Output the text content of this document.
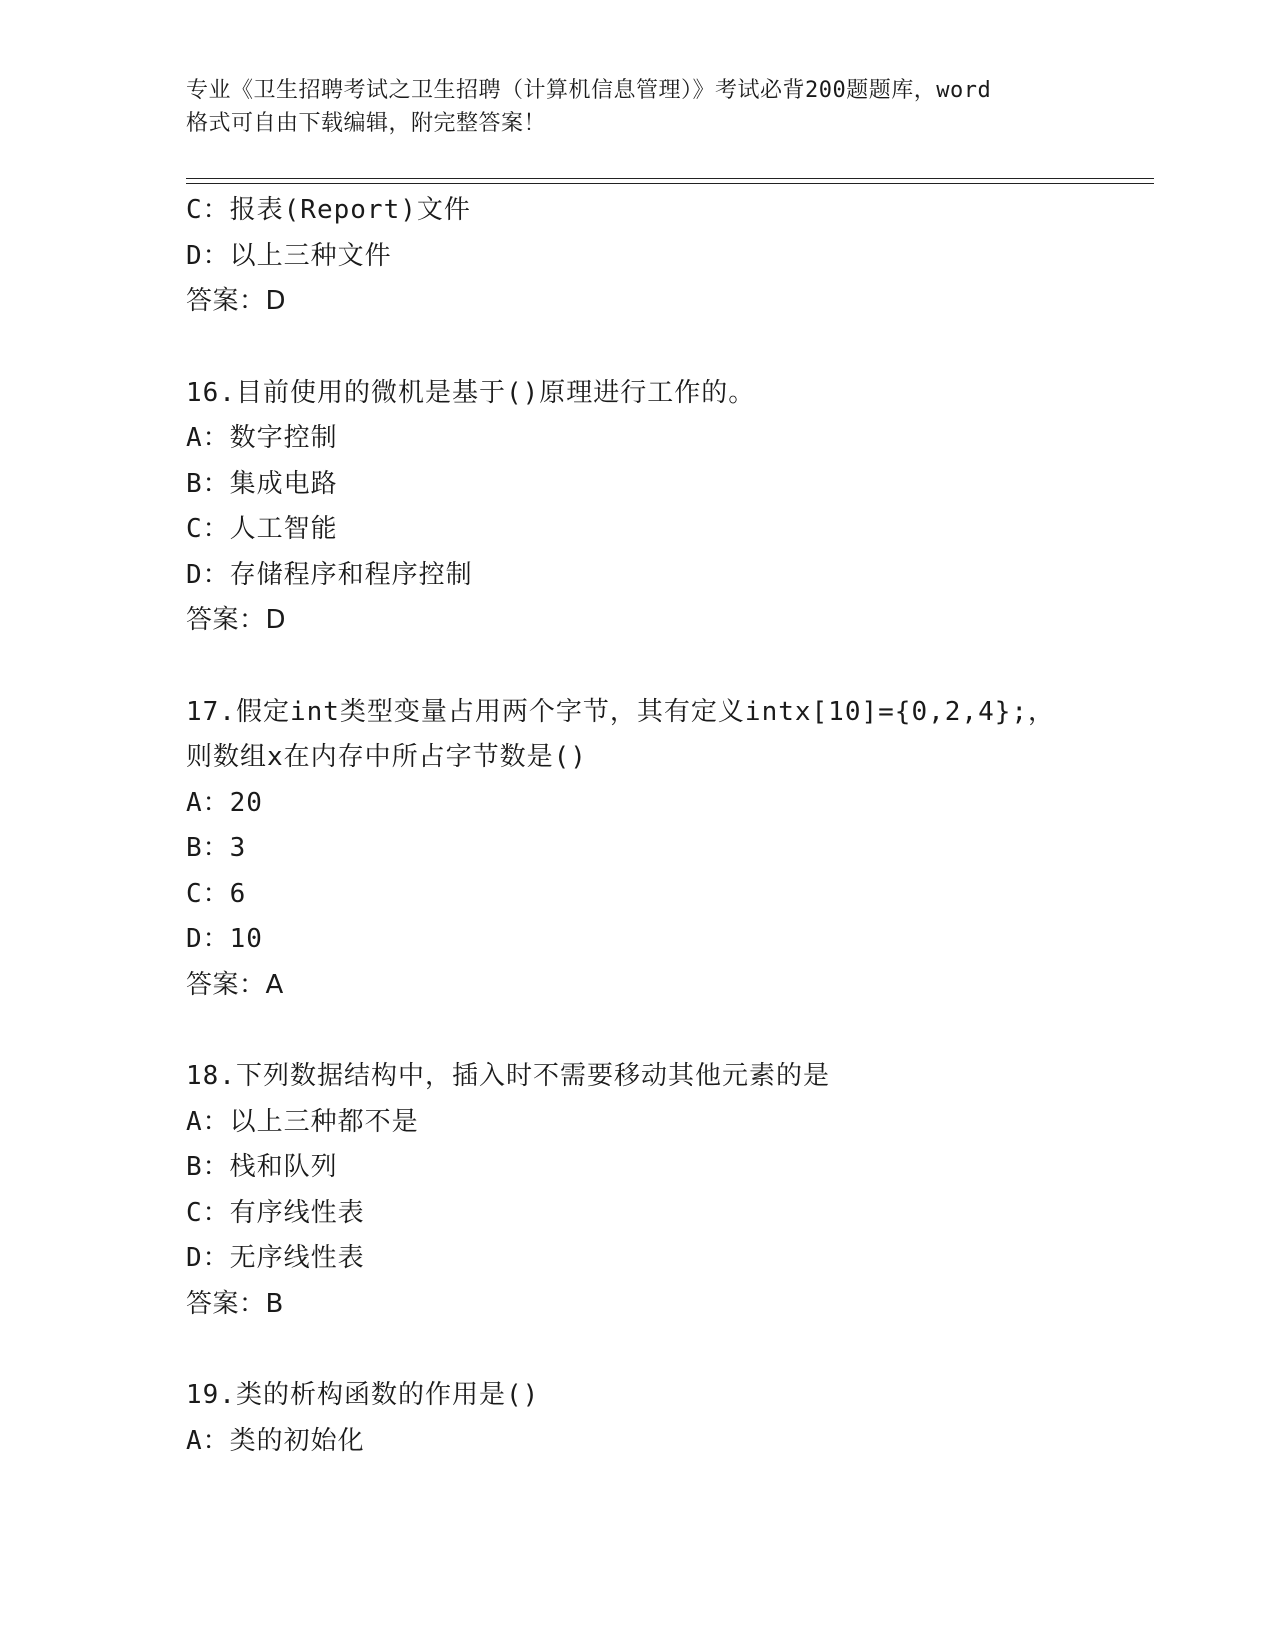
专业《卫生招聘考试之卫生招聘（计算机信息管理）》考试必背200题题库，word
格式可自由下载编辑，附完整答案！
C：报表(Report)文件
D：以上三种文件
答案：D
16.目前使用的微机是基于()原理进行工作的。
A：数字控制
B：集成电路
C：人工智能
D：存储程序和程序控制
答案：D
17.假定int类型变量占用两个字节，其有定义intx[10]={0,2,4};，
则数组x在内存中所占字节数是()
A：20
B：3
C：6
D：10
答案：A
18.下列数据结构中，插入时不需要移动其他元素的是
A：以上三种都不是
B：栈和队列
C：有序线性表
D：无序线性表
答案：B
19.类的析构函数的作用是()
A：类的初始化
